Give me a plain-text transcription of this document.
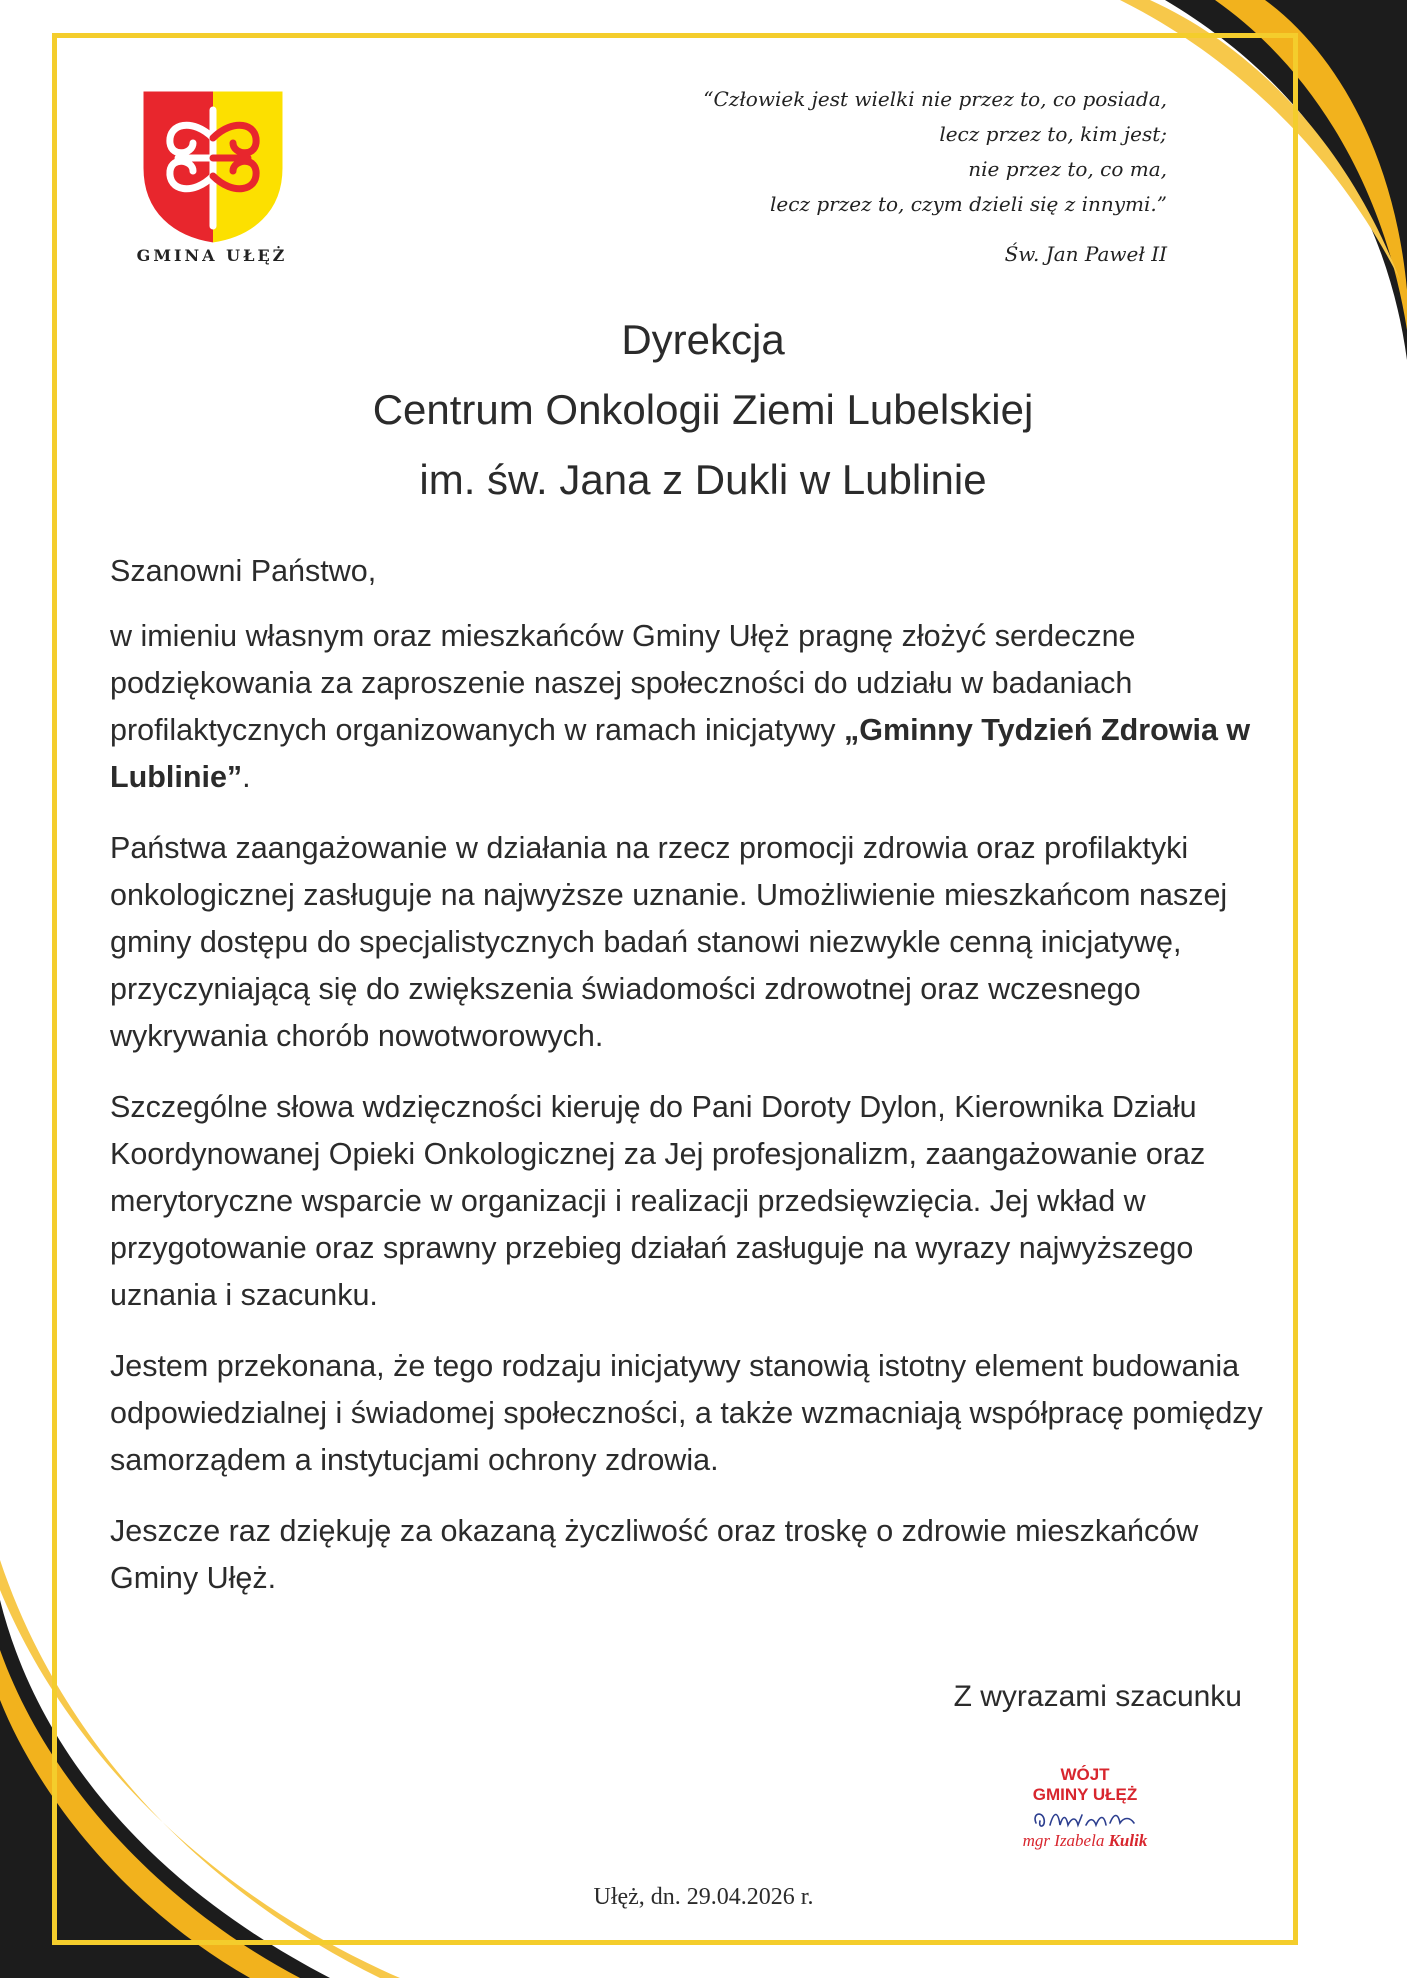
GMINA UŁĘŻ
“Człowiek jest wielki nie przez to, co posiada,
lecz przez to, kim jest;
nie przez to, co ma,
lecz przez to, czym dzieli się z innymi.”
Św. Jan Paweł II
Dyrekcja
Centrum Onkologii Ziemi Lubelskiej
im. św. Jana z Dukli w Lublinie

Szanowni Państwo,

w imieniu własnym oraz mieszkańców Gminy Ułęż pragnę złożyć serdeczne podziękowania za zaproszenie naszej społeczności do udziału w badaniach profilaktycznych organizowanych w ramach inicjatywy „Gminny Tydzień Zdrowia w Lublinie”.

Państwa zaangażowanie w działania na rzecz promocji zdrowia oraz profilaktyki onkologicznej zasługuje na najwyższe uznanie. Umożliwienie mieszkańcom naszej gminy dostępu do specjalistycznych badań stanowi niezwykle cenną inicjatywę, przyczyniającą się do zwiększenia świadomości zdrowotnej oraz wczesnego wykrywania chorób nowotworowych.

Szczególne słowa wdzięczności kieruję do Pani Doroty Dylon, Kierownika Działu Koordynowanej Opieki Onkologicznej za Jej profesjonalizm, zaangażowanie oraz merytoryczne wsparcie w organizacji i realizacji przedsięwzięcia. Jej wkład w przygotowanie oraz sprawny przebieg działań zasługuje na wyrazy najwyższego uznania i szacunku.

Jestem przekonana, że tego rodzaju inicjatywy stanowią istotny element budowania odpowiedzialnej i świadomej społeczności, a także wzmacniają współpracę pomiędzy samorządem a instytucjami ochrony zdrowia.

Jeszcze raz dziękuję za okazaną życzliwość oraz troskę o zdrowie mieszkańców Gminy Ułęż.

Z wyrazami szacunku
WÓJT
GMINY UŁĘŻ
mgr Izabela Kulik
Ułęż, dn. 29.04.2026 r.
